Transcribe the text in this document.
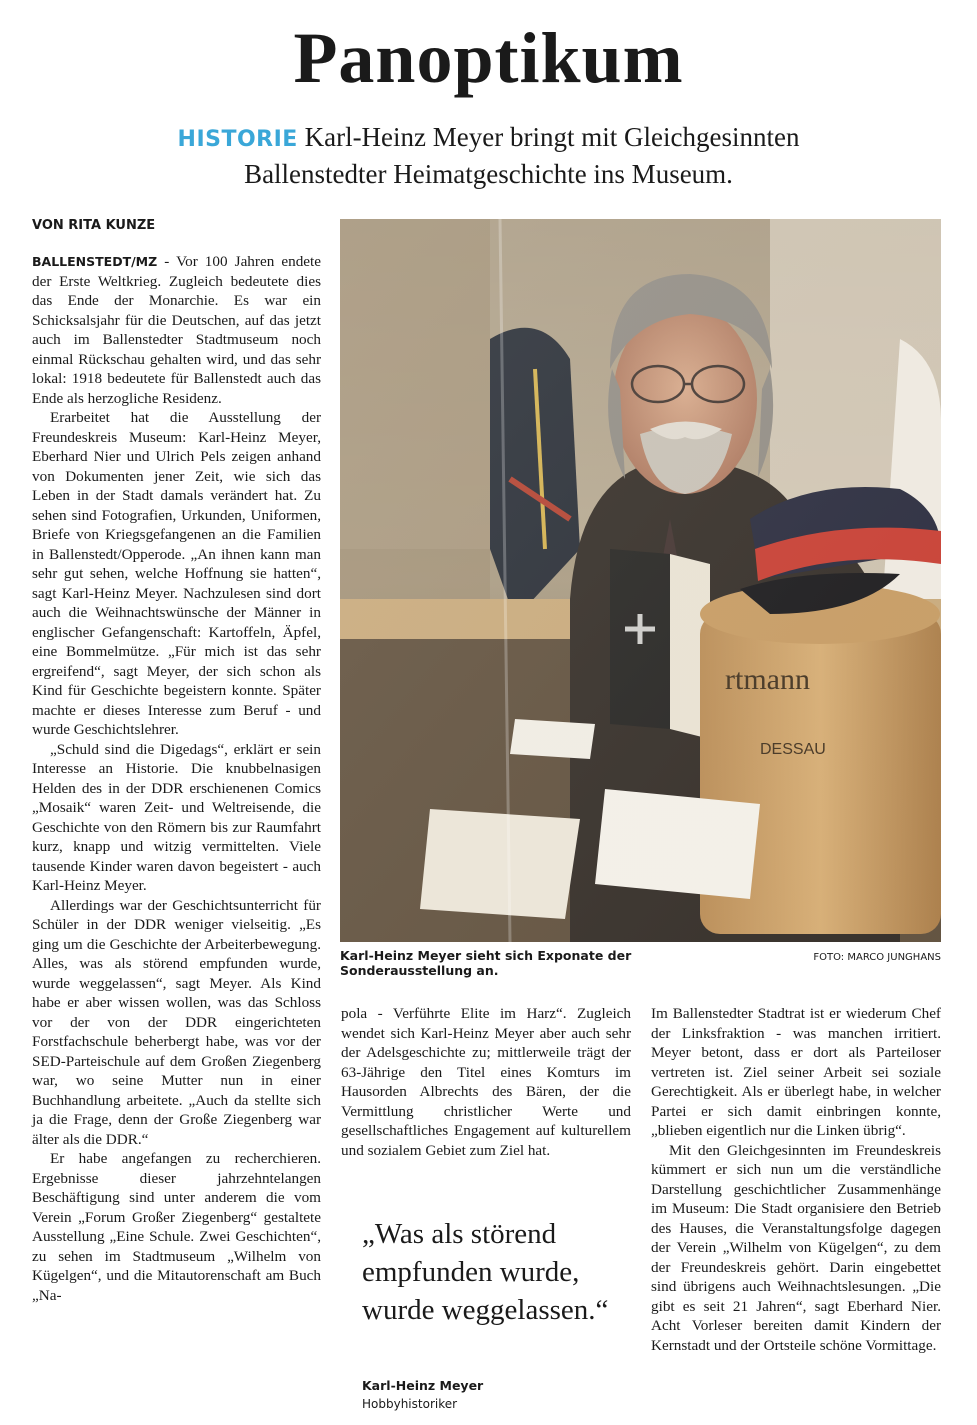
Panoptikum
HISTORIE Karl-Heinz Meyer bringt mit Gleichgesinnten
Ballenstedter Heimatgeschichte ins Museum.
VON RITA KUNZE

BALLENSTEDT/MZ - Vor 100 Jahren endete der Erste Weltkrieg. Zugleich bedeutete dies das Ende der Monarchie. Es war ein Schicksalsjahr für die Deutschen, auf das jetzt auch im Ballenstedter Stadtmuseum noch einmal Rückschau gehalten wird, und das sehr lokal: 1918 bedeutete für Ballenstedt auch das Ende als herzogliche Residenz.

Erarbeitet hat die Ausstellung der Freundeskreis Museum: Karl-Heinz Meyer, Eberhard Nier und Ulrich Pels zeigen anhand von Dokumenten jener Zeit, wie sich das Leben in der Stadt damals verändert hat. Zu sehen sind Fotografien, Urkunden, Uniformen, Briefe von Kriegsgefangenen an die Familien in Ballenstedt/Opperode. „An ihnen kann man sehr gut sehen, welche Hoffnung sie hatten“, sagt Karl-Heinz Meyer. Nachzulesen sind dort auch die Weihnachtswünsche der Männer in englischer Gefangenschaft: Kartoffeln, Äpfel, eine Bommelmütze. „Für mich ist das sehr ergreifend“, sagt Meyer, der sich schon als Kind für Geschichte begeistern konnte. Später machte er dieses Interesse zum Beruf - und wurde Geschichtslehrer.

„Schuld sind die Digedags“, erklärt er sein Interesse an Historie. Die knubbelnasigen Helden des in der DDR erschienenen Comics „Mosaik“ waren Zeit- und Weltreisende, die Geschichte von den Römern bis zur Raumfahrt kurz, knapp und witzig vermittelten. Viele tausende Kinder waren davon begeistert - auch Karl-Heinz Meyer.

Allerdings war der Geschichtsunterricht für Schüler in der DDR weniger vielseitig. „Es ging um die Geschichte der Arbeiterbewegung. Alles, was als störend empfunden wurde, wurde weggelassen“, sagt Meyer. Als Kind habe er aber wissen wollen, was das Schloss vor der von der DDR eingerichteten Forstfachschule beherbergt habe, was vor der SED-Parteischule auf dem Großen Ziegenberg war, wo seine Mutter nun in einer Buchhandlung arbeitete. „Auch da stellte sich ja die Frage, denn der Große Ziegenberg war älter als die DDR.“

Er habe angefangen zu recherchieren. Ergebnisse dieser jahrzehntelangen Beschäftigung sind unter anderem die vom Verein „Forum Großer Ziegenberg“ gestaltete Ausstellung „Eine Schule. Zwei Geschichten“, zu sehen im Stadtmuseum „Wilhelm von Kügelgen“, und die Mitautorenschaft am Buch „Na-

rtmann
DESSAU
Karl-Heinz Meyer sieht sich Exponate der Sonderausstellung an.
FOTO: MARCO JUNGHANS

pola - Verführte Elite im Harz“. Zugleich wendet sich Karl-Heinz Meyer aber auch sehr der Adelsgeschichte zu; mittlerweile trägt der 63-Jährige den Titel eines Komturs im Hausorden Albrechts des Bären, der die Vermittlung christlicher Werte und gesellschaftliches Engagement auf kulturellem und sozialem Gebiet zum Ziel hat.

„Was als störend empfunden wurde, wurde weggelassen.“
Karl-Heinz Meyer
Hobbyhistoriker

Im Ballenstedter Stadtrat ist er wiederum Chef der Linksfraktion - was manchen irritiert. Meyer betont, dass er dort als Parteiloser vertreten ist. Ziel seiner Arbeit sei soziale Gerechtigkeit. Als er überlegt habe, in welcher Partei er sich damit einbringen konnte, „blieben eigentlich nur die Linken übrig“.

Mit den Gleichgesinnten im Freundeskreis kümmert er sich nun um die verständliche Darstellung geschichtlicher Zusammenhänge im Museum: Die Stadt organisiere den Betrieb des Hauses, die Veranstaltungsfolge dagegen der Verein „Wilhelm von Kügelgen“, zu dem der Freundeskreis gehört. Darin eingebettet sind übrigens auch Weihnachtslesungen. „Die gibt es seit 21 Jahren“, sagt Eberhard Nier. Acht Vorleser bereiten damit Kindern der Kernstadt und der Ortsteile schöne Vormittage.
